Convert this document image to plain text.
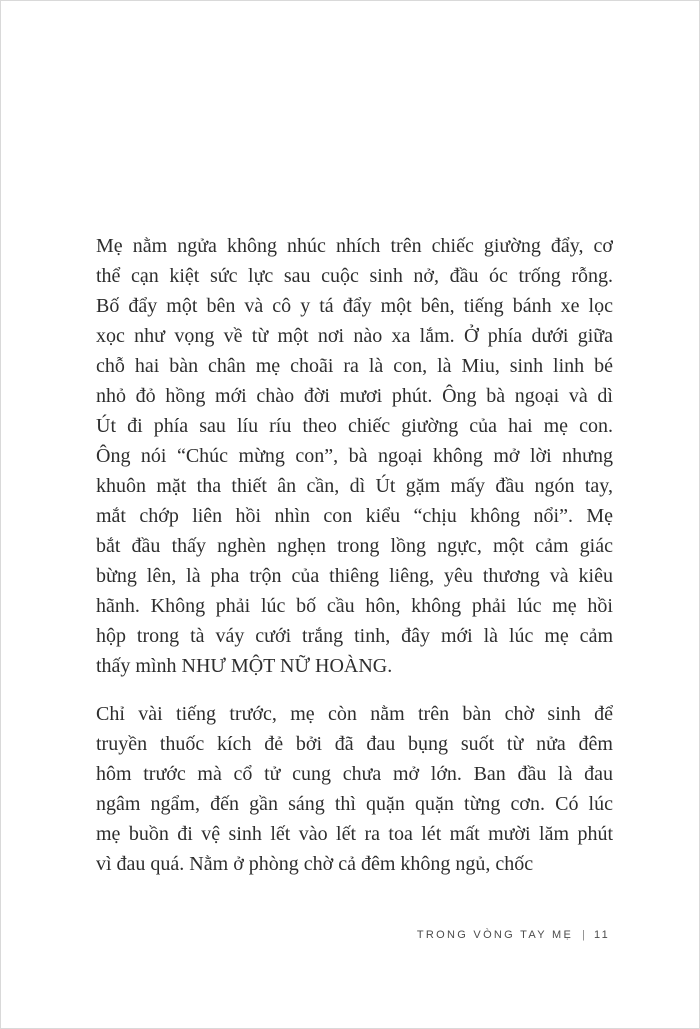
Mẹ nằm ngửa không nhúc nhích trên chiếc giường đẩy, cơ
thể cạn kiệt sức lực sau cuộc sinh nở, đầu óc trống rỗng.
Bố đẩy một bên và cô y tá đẩy một bên, tiếng bánh xe lọc
xọc như vọng về từ một nơi nào xa lắm. Ở phía dưới giữa
chỗ hai bàn chân mẹ choãi ra là con, là Miu, sinh linh bé
nhỏ đỏ hồng mới chào đời mươi phút. Ông bà ngoại và dì
Út đi phía sau líu ríu theo chiếc giường của hai mẹ con.
Ông nói “Chúc mừng con”, bà ngoại không mở lời nhưng
khuôn mặt tha thiết ân cần, dì Út gặm mấy đầu ngón tay,
mắt chớp liên hồi nhìn con kiểu “chịu không nổi”. Mẹ
bắt đầu thấy nghèn nghẹn trong lồng ngực, một cảm giác
bừng lên, là pha trộn của thiêng liêng, yêu thương và kiêu
hãnh. Không phải lúc bố cầu hôn, không phải lúc mẹ hồi
hộp trong tà váy cưới trắng tinh, đây mới là lúc mẹ cảm
thấy mình NHƯ MỘT NỮ HOÀNG.

Chỉ vài tiếng trước, mẹ còn nằm trên bàn chờ sinh để
truyền thuốc kích đẻ bởi đã đau bụng suốt từ nửa đêm
hôm trước mà cổ tử cung chưa mở lớn. Ban đầu là đau
ngâm ngẩm, đến gần sáng thì quặn quặn từng cơn. Có lúc
mẹ buồn đi vệ sinh lết vào lết ra toa lét mất mười lăm phút
vì đau quá. Nằm ở phòng chờ cả đêm không ngủ, chốc

TRONG VÒNG TAY MẸ | 11
